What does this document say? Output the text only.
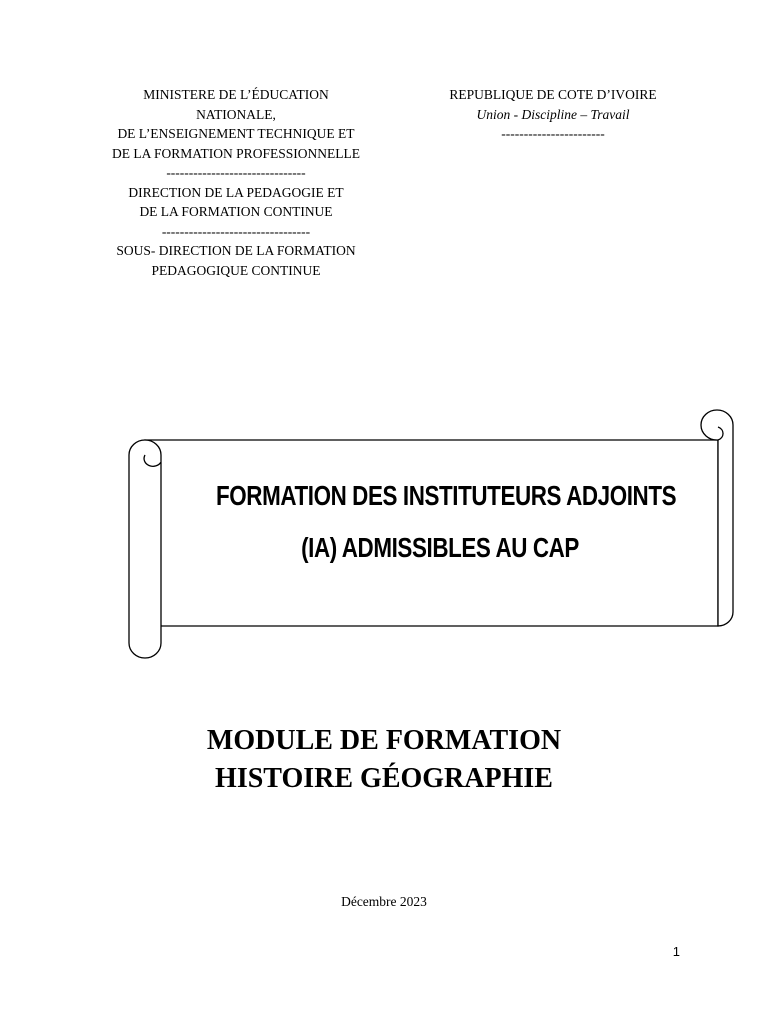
MINISTERE DE L’ÉDUCATION
NATIONALE,
DE L’ENSEIGNEMENT TECHNIQUE ET
DE LA FORMATION PROFESSIONNELLE
-------------------------------
DIRECTION DE LA PEDAGOGIE ET
DE LA FORMATION CONTINUE
---------------------------------
SOUS- DIRECTION DE LA FORMATION
PEDAGOGIQUE CONTINUE
REPUBLIQUE DE COTE D’IVOIRE
Union - Discipline – Travail
-----------------------
FORMATION DES INSTITUTEURS ADJOINTS
(IA) ADMISSIBLES AU CAP
MODULE DE FORMATION
HISTOIRE GÉOGRAPHIE
Décembre 2023
1
